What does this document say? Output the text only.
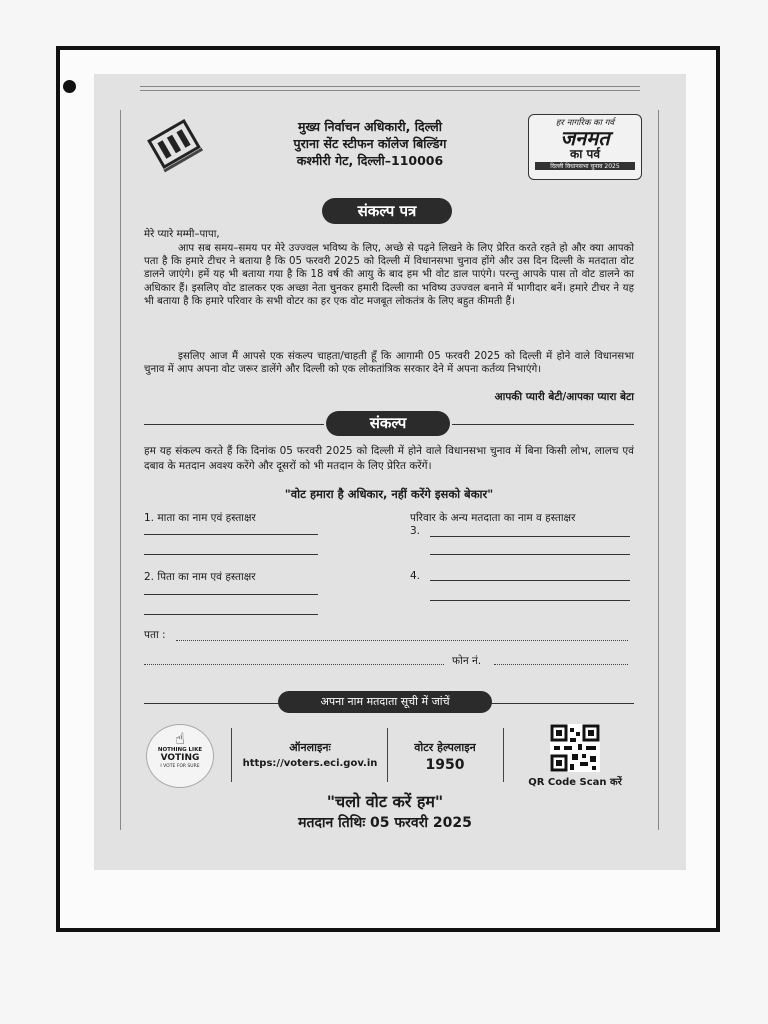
मुख्य निर्वाचन अधिकारी, दिल्ली
पुराना सेंट स्टीफन कॉलेज बिल्डिंग
कश्मीरी गेट, दिल्ली–110006
हर नागरिक का गर्व
जनमत
का पर्व
दिल्ली विधानसभा चुनाव 2025
संकल्प पत्र
मेरे प्यारे मम्मी–पापा,
आप सब समय–समय पर मेरे उज्ज्वल भविष्य के लिए, अच्छे से पढ़ने लिखने के लिए प्रेरित करते रहते हो और क्या आपको पता है कि हमारे टीचर ने बताया है कि 05 फरवरी 2025 को दिल्ली में विधानसभा चुनाव होंगे और उस दिन दिल्ली के मतदाता वोट डालने जाएंगे। हमें यह भी बताया गया है कि 18 वर्ष की आयु के बाद हम भी वोट डाल पाएंगे। परन्तु आपके पास तो वोट डालने का अधिकार हैं। इसलिए वोट डालकर एक अच्छा नेता चुनकर हमारी दिल्ली का भविष्य उज्ज्वल बनाने में भागीदार बनें। हमारे टीचर ने यह भी बताया है कि हमारे परिवार के सभी वोटर का हर एक वोट मजबूत लोकतंत्र के लिए बहुत कीमती हैं।
इसलिए आज मैं आपसे एक संकल्प चाहता/चाहती हूँ कि आगामी 05 फरवरी 2025 को दिल्ली में होने वाले विधानसभा चुनाव में आप अपना वोट जरूर डालेंगे और दिल्ली को एक लोकतांत्रिक सरकार देने में अपना कर्तव्य निभाएंगे।
आपकी प्यारी बेटी/आपका प्यारा बेटा
संकल्प
हम यह संकल्प करते हैं कि दिनांक 05 फरवरी 2025 को दिल्ली में होने वाले विधानसभा चुनाव में बिना किसी लोभ, लालच एवं दबाव के मतदान अवश्य करेंगे और दूसरों को भी मतदान के लिए प्रेरित करेंगें।
"वोट हमारा है अधिकार, नहीं करेंगे इसको बेकार"
1. माता का नाम एवं हस्ताक्षर
2. पिता का नाम एवं हस्ताक्षर
परिवार के अन्य मतदाता का नाम व हस्ताक्षर
3.
4.
पता :
फोन नं.
अपना नाम मतदाता सूची में जांचें
☝
NOTHING LIKE
VOTING
I VOTE FOR SURE
ऑनलाइनः
https://voters.eci.gov.in
वोटर हेल्पलाइन
1950
QR Code Scan करें
"चलो वोट करें हम"
मतदान तिथिः 05 फरवरी 2025
